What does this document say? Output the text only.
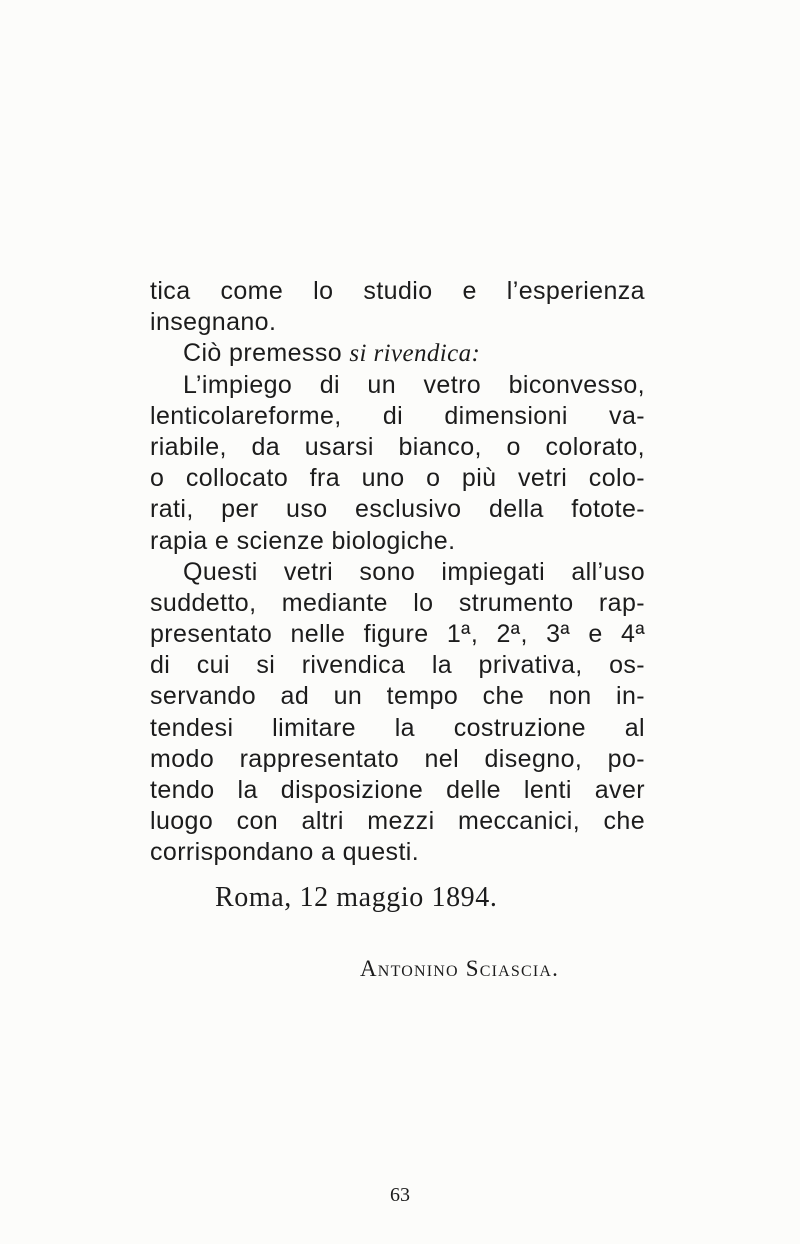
tica come lo studio e l’esperienza
insegnano.
Ciò premesso si rivendica:
L’impiego di un vetro biconvesso,
lenticolareforme, di dimensioni va-
riabile, da usarsi bianco, o colorato,
o collocato fra uno o più vetri colo-
rati, per uso esclusivo della fotote-
rapia e scienze biologiche.
Questi vetri sono impiegati all’uso
suddetto, mediante lo strumento rap-
presentato nelle figure 1ª, 2ª, 3ª e 4ª
di cui si rivendica la privativa, os-
servando ad un tempo che non in-
tendesi limitare la costruzione al
modo rappresentato nel disegno, po-
tendo la disposizione delle lenti aver
luogo con altri mezzi meccanici, che
corrispondano a questi.
Roma, 12 maggio 1894.
Antonino Sciascia.
63
